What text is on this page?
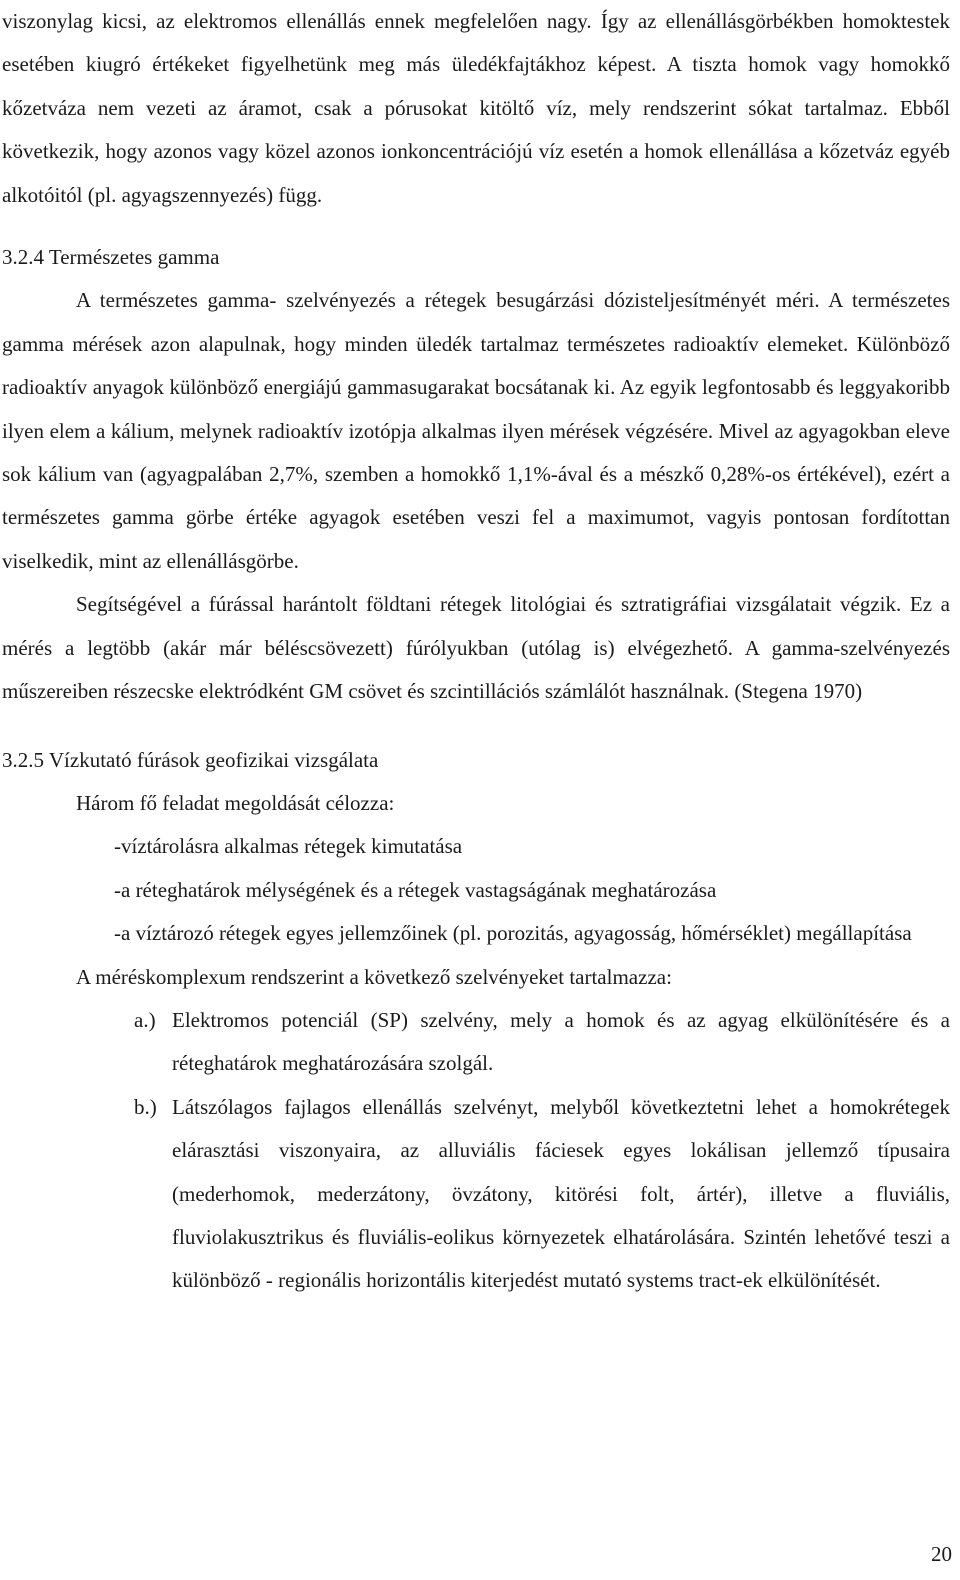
viszonylag kicsi, az elektromos ellenállás ennek megfelelően nagy. Így az ellenállásgörbékben homoktestek esetében kiugró értékeket figyelhetünk meg más üledékfajtákhoz képest. A tiszta homok vagy homokkő kőzetváza nem vezeti az áramot, csak a pórusokat kitöltő víz, mely rendszerint sókat tartalmaz. Ebből következik, hogy azonos vagy közel azonos ionkoncentrációjú víz esetén a homok ellenállása a kőzetváz egyéb alkotóitól (pl. agyagszennyezés) függ.

3.2.4 Természetes gamma

A természetes gamma- szelvényezés a rétegek besugárzási dózisteljesítményét méri. A természetes gamma mérések azon alapulnak, hogy minden üledék tartalmaz természetes radioaktív elemeket. Különböző radioaktív anyagok különböző energiájú gammasugarakat bocsátanak ki. Az egyik legfontosabb és leggyakoribb ilyen elem a kálium, melynek radioaktív izotópja alkalmas ilyen mérések végzésére. Mivel az agyagokban eleve sok kálium van (agyagpalában 2,7%, szemben a homokkő 1,1%-ával és a mészkő 0,28%-os értékével), ezért a természetes gamma görbe értéke agyagok esetében veszi fel a maximumot, vagyis pontosan fordítottan viselkedik, mint az ellenállásgörbe.

Segítségével a fúrással harántolt földtani rétegek litológiai és sztratigráfiai vizsgálatait végzik. Ez a mérés a legtöbb (akár már béléscsövezett) fúrólyukban (utólag is) elvégezhető. A gamma-szelvényezés műszereiben részecske elektródként GM csövet és szcintillációs számlálót használnak. (Stegena 1970)

3.2.5 Vízkutató fúrások geofizikai vizsgálata

Három fő feladat megoldását célozza:

-víztárolásra alkalmas rétegek kimutatása

-a réteghatárok mélységének és a rétegek vastagságának meghatározása

-a víztározó rétegek egyes jellemzőinek (pl. porozitás, agyagosság, hőmérséklet) megállapítása

A méréskomplexum rendszerint a következő szelvényeket tartalmazza:

a.) Elektromos potenciál (SP) szelvény, mely a homok és az agyag elkülönítésére és a réteghatárok meghatározására szolgál.
b.) Látszólagos fajlagos ellenállás szelvényt, melyből következtetni lehet a homokrétegek elárasztási viszonyaira, az alluviális fáciesek egyes lokálisan jellemző típusaira (mederhomok, mederzátony, övzátony, kitörési folt, ártér), illetve a fluviális, fluviolakusztrikus és fluviális-eolikus környezetek elhatárolására. Szintén lehetővé teszi a különböző - regionális horizontális kiterjedést mutató systems tract-ek elkülönítését.
20
